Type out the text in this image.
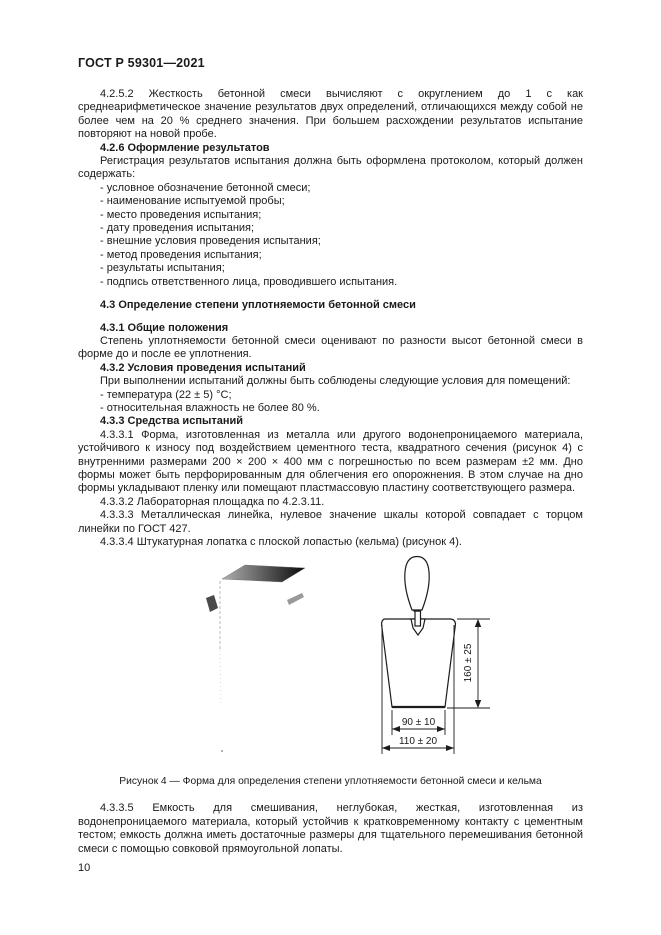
ГОСТ Р 59301—2021

4.2.5.2 Жесткость бетонной смеси вычисляют с округлением до 1 с как среднеарифметическое значение результатов двух определений, отличающихся между собой не более чем на 20 % среднего значения. При большем расхождении результатов испытание повторяют на новой пробе.

4.2.6 Оформление результатов

Регистрация результатов испытания должна быть оформлена протоколом, который должен содержать:

- условное обозначение бетонной смеси;

- наименование испытуемой пробы;

- место проведения испытания;

- дату проведения испытания;

- внешние условия проведения испытания;

- метод проведения испытания;

- результаты испытания;

- подпись ответственного лица, проводившего испытания.

4.3 Определение степени уплотняемости бетонной смеси

4.3.1 Общие положения

Степень уплотняемости бетонной смеси оценивают по разности высот бетонной смеси в форме до и после ее уплотнения.

4.3.2 Условия проведения испытаний

При выполнении испытаний должны быть соблюдены следующие условия для помещений:

- температура (22 ± 5) °С;

- относительная влажность не более 80 %.

4.3.3 Средства испытаний

4.3.3.1 Форма, изготовленная из металла или другого водонепроницаемого материала, устойчивого к износу под воздействием цементного теста, квадратного сечения (рисунок 4) с внутренними размерами 200 × 200 × 400 мм с погрешностью по всем размерам ±2 мм. Дно формы может быть перфорированным для облегчения его опорожнения. В этом случае на дно формы укладывают пленку или помещают пластмассовую пластину соответствующего размера.

4.3.3.2 Лабораторная площадка по 4.2.3.11.

4.3.3.3 Металлическая линейка, нулевое значение шкалы которой совпадает с торцом линейки по ГОСТ 427.

4.3.3.4 Штукатурная лопатка с плоской лопастью (кельма) (рисунок 4).

160 ± 25
90 ± 10
110 ± 20

Рисунок 4 — Форма для определения степени уплотняемости бетонной смеси и кельма

4.3.3.5 Емкость для смешивания, неглубокая, жесткая, изготовленная из водонепроницаемого материала, который устойчив к кратковременному контакту с цементным тестом; емкость должна иметь достаточные размеры для тщательного перемешивания бетонной смеси с помощью совковой прямоугольной лопаты.

10
